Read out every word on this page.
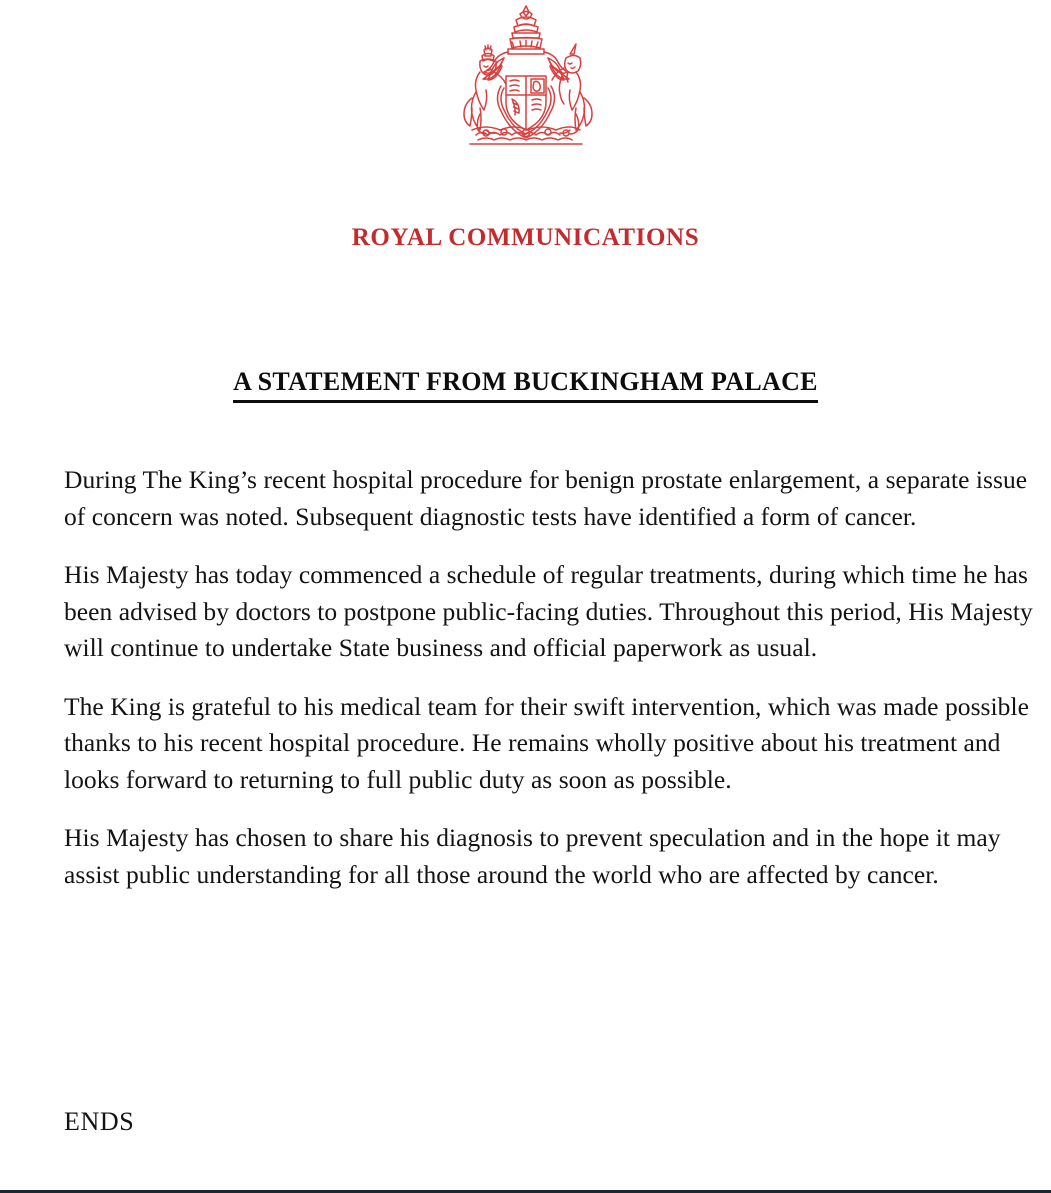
ROYAL COMMUNICATIONS
A STATEMENT FROM BUCKINGHAM PALACE

During The King’s recent hospital procedure for benign prostate enlargement, a separate issue of concern was noted. Subsequent diagnostic tests have identified a form of cancer.

His Majesty has today commenced a schedule of regular treatments, during which time he has been advised by doctors to postpone public-facing duties. Throughout this period, His Majesty will continue to undertake State business and official paperwork as usual.

The King is grateful to his medical team for their swift intervention, which was made possible thanks to his recent hospital procedure. He remains wholly positive about his treatment and looks forward to returning to full public duty as soon as possible.

His Majesty has chosen to share his diagnosis to prevent speculation and in the hope it may assist public understanding for all those around the world who are affected by cancer.

ENDS
